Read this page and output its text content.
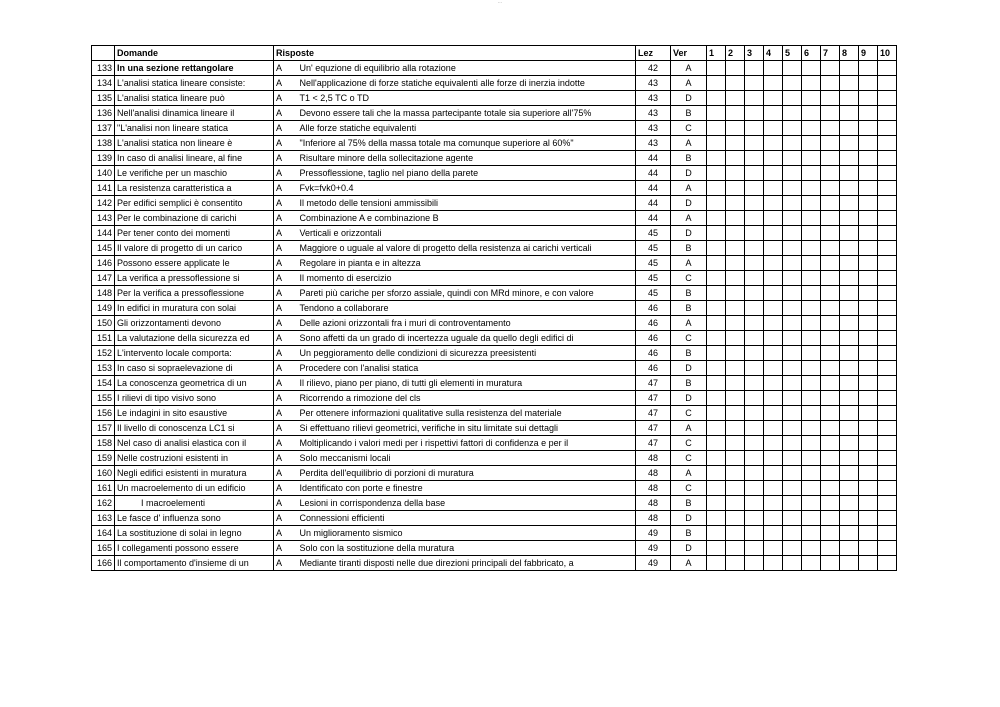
...
	Domande	Risposte		Lez	Ver	1	2	3	4	5	6	7	8	9	10
133	In una sezione rettangolare	A	Un' equzione di equilibrio alla rotazione	42	A										
134	L'analisi statica lineare consiste:	A	Nell'applicazione di forze statiche equivalenti alle forze di inerzia indotte	43	A										
135	L'analisi statica lineare può	A	T1 < 2,5 TC o TD	43	D										
136	Nell'analisi dinamica lineare il	A	Devono essere tali che la massa partecipante totale sia superiore all'75%	43	B										
137	"L'analisi non lineare statica	A	Alle forze statiche equivalenti	43	C										
138	L'analisi statica non lineare è	A	"Inferiore al 75% della massa totale ma comunque superiore al 60%"	43	A										
139	In caso di analisi lineare, al fine	A	Risultare minore della sollecitazione agente	44	B										
140	Le verifiche per un maschio	A	Pressoflessione, taglio nel piano della parete	44	D										
141	La resistenza caratteristica a	A	Fvk=fvk0+0.4	44	A										
142	Per edifici semplici è consentito	A	Il metodo delle tensioni ammissibili	44	D										
143	Per le combinazione di carichi	A	Combinazione A e combinazione B	44	A										
144	Per tener conto dei momenti	A	Verticali e orizzontali	45	D										
145	Il valore di progetto di un carico	A	Maggiore o uguale al valore di progetto della resistenza ai carichi verticali	45	B										
146	Possono essere applicate le	A	Regolare in pianta e in altezza	45	A										
147	La verifica a pressoflessione si	A	Il momento di esercizio	45	C										
148	Per la verifica a pressoflessione	A	Pareti più cariche per sforzo assiale, quindi con MRd minore, e con valore	45	B										
149	In edifici in muratura con solai	A	Tendono a collaborare	46	B										
150	Gli orizzontamenti devono	A	Delle azioni orizzontali fra i muri di controventamento	46	A										
151	La valutazione della sicurezza ed	A	Sono affetti da un grado di incertezza uguale da quello degli edifici di	46	C										
152	L'intervento locale comporta:	A	Un peggioramento delle condizioni di sicurezza preesistenti	46	B										
153	In caso si sopraelevazione di	A	Procedere con l'analisi statica	46	D										
154	La conoscenza geometrica di un	A	Il rilievo, piano per piano, di tutti gli elementi in muratura	47	B										
155	I rilievi di tipo visivo sono	A	Ricorrendo a rimozione del cls	47	D										
156	Le indagini in sito esaustive	A	Per ottenere informazioni qualitative sulla resistenza del materiale	47	C										
157	Il livello di conoscenza LC1 si	A	Si effettuano rilievi geometrici, verifiche in situ limitate sui dettagli	47	A										
158	Nel caso di analisi elastica con il	A	Moltiplicando i valori medi per i rispettivi fattori di confidenza e per il	47	C										
159	Nelle costruzioni esistenti in	A	Solo meccanismi locali	48	C										
160	Negli edifici esistenti in muratura	A	Perdita dell'equilibrio di porzioni di muratura	48	A										
161	Un macroelemento di un edificio	A	Identificato con porte e finestre	48	C										
162	I macroelementi	A	Lesioni in corrispondenza della base	48	B										
163	Le fasce d' influenza sono	A	Connessioni efficienti	48	D										
164	La sostituzione di solai in legno	A	Un miglioramento sismico	49	B										
165	I collegamenti possono essere	A	Solo con la sostituzione della muratura	49	D										
166	Il comportamento d'insieme di un	A	Mediante tiranti disposti nelle due direzioni principali del fabbricato, a	49	A										
